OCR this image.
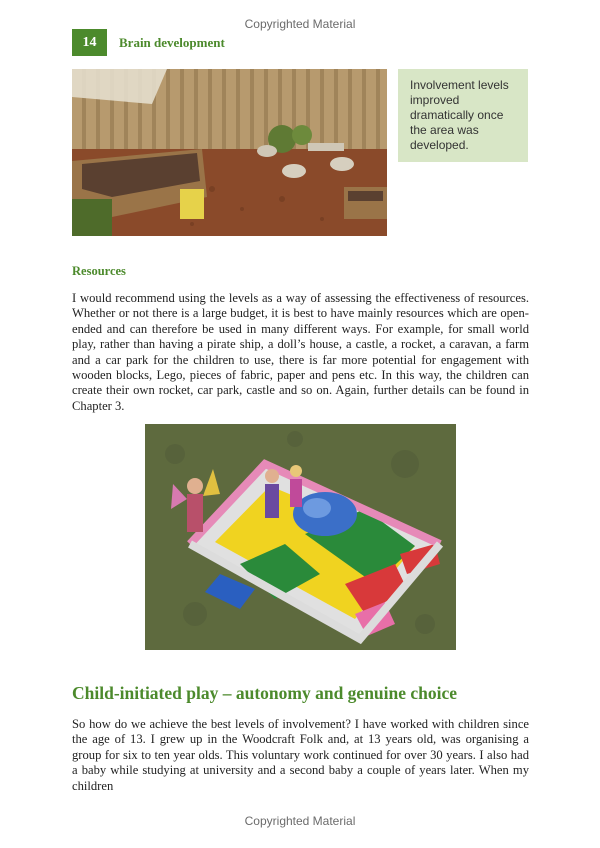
Copyrighted Material
14	Brain development
Involvement levels improved dramatically once the area was developed.
Resources

I would recommend using the levels as a way of assessing the effectiveness of resources. Whether or not there is a large budget, it is best to have mainly resources which are open-ended and can therefore be used in many different ways. For example, for small world play, rather than having a pirate ship, a doll’s house, a castle, a rocket, a caravan, a farm and a car park for the children to use, there is far more potential for engagement with wooden blocks, Lego, pieces of fabric, paper and pens etc. In this way, the children can create their own rocket, car park, castle and so on. Again, further details can be found in Chapter 3.

Child-initiated play – autonomy and genuine choice

So how do we achieve the best levels of involvement? I have worked with children since the age of 13. I grew up in the Woodcraft Folk and, at 13 years old, was organising a group for six to ten year olds. This voluntary work continued for over 30 years. I also had a baby while studying at university and a second baby a couple of years later. When my children

Copyrighted Material
